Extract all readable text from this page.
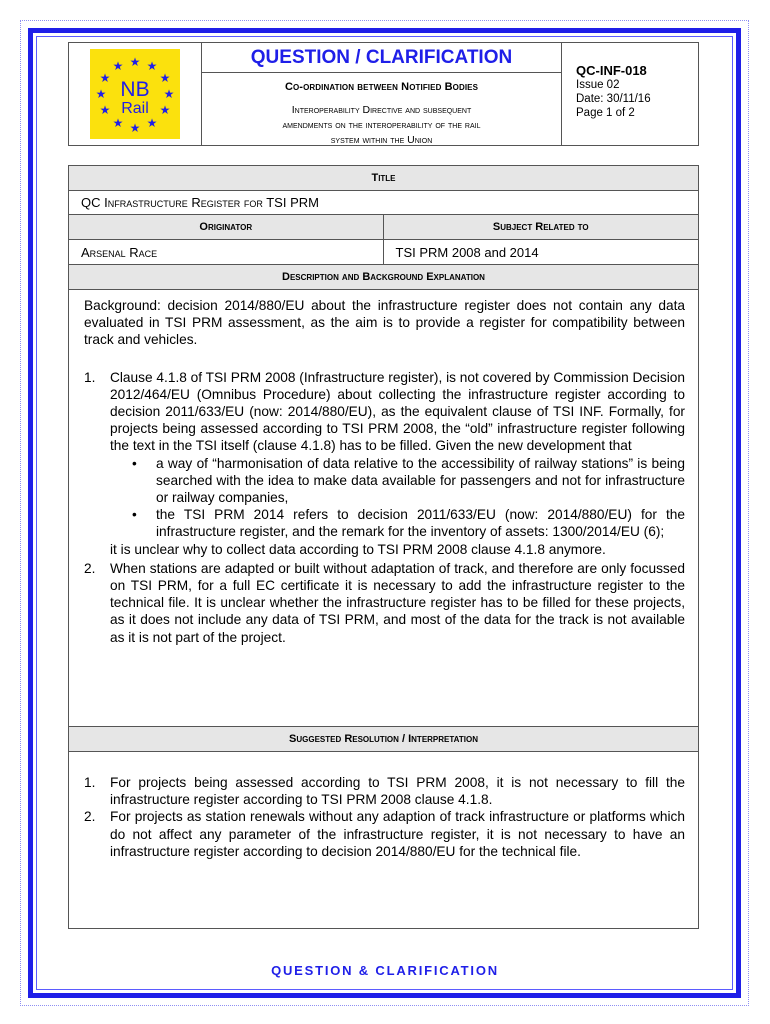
★ ★
★
★
★
★
★
★
★
★
★
★
NB
Rail
QUESTION / CLARIFICATION
Co-ordination between Notified Bodies
Interoperability Directive and subsequent
amendments on the interoperability of the rail
system within the Union
QC-INF-018
Issue 02
Date: 30/11/16
Page 1 of 2
Title
QC Infrastructure Register for TSI PRM
Originator	Subject Related to
Arsenal Race	TSI PRM 2008 and 2014
Description and Background Explanation
Background: decision 2014/880/EU about the infrastructure register does not contain any data evaluated in TSI PRM assessment, as the aim is to provide a register for compatibility between track and vehicles.
1.	Clause 4.1.8 of TSI PRM 2008 (Infrastructure register), is not covered by Commission Decision 2012/464/EU (Omnibus Procedure) about collecting the infrastructure register according to decision 2011/633/EU (now: 2014/880/EU), as the equivalent clause of TSI INF. Formally, for projects being assessed according to TSI PRM 2008, the “old” infrastructure register following the text in the TSI itself (clause 4.1.8) has to be filled. Given the new development that
•	a way of “harmonisation of data relative to the accessibility of railway stations” is being searched with the idea to make data available for passengers and not for infrastructure or railway companies,
•	the TSI PRM 2014 refers to decision 2011/633/EU (now: 2014/880/EU) for the infrastructure register, and the remark for the inventory of assets: 1300/2014/EU (6);
it is unclear why to collect data according to TSI PRM 2008 clause 4.1.8 anymore.
2.	When stations are adapted or built without adaptation of track, and therefore are only focussed on TSI PRM, for a full EC certificate it is necessary to add the infrastructure register to the technical file. It is unclear whether the infrastructure register has to be filled for these projects, as it does not include any data of TSI PRM, and most of the data for the track is not available as it is not part of the project.
Suggested Resolution / Interpretation
1.	For projects being assessed according to TSI PRM 2008, it is not necessary to fill the infrastructure register according to TSI PRM 2008 clause 4.1.8.
2.	For projects as station renewals without any adaption of track infrastructure or platforms which do not affect any parameter of the infrastructure register, it is not necessary to have an infrastructure register according to decision 2014/880/EU for the technical file.
QUESTION & CLARIFICATION
